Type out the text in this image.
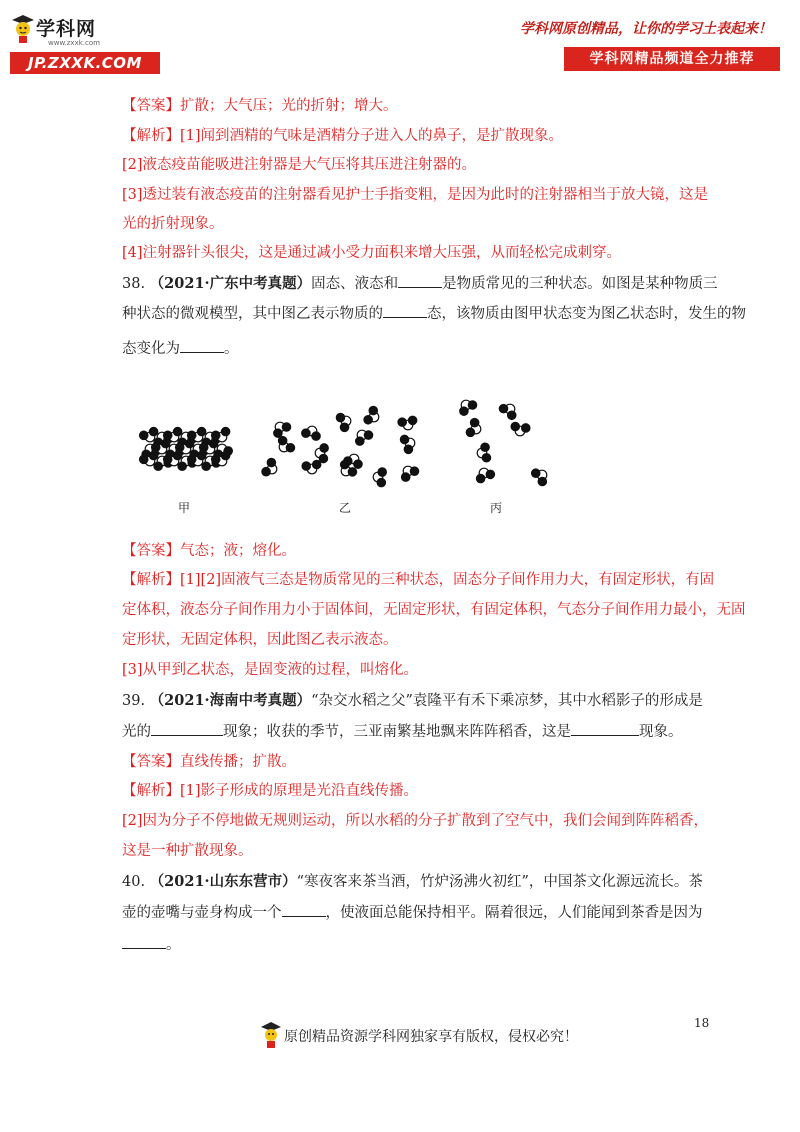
学科网
www.zxxk.com
JP.ZXXK.COM
学科网原创精品，让你的学习土表起来！
学科网精品频道全力推荐
【答案】扩散；大气压；光的折射；增大。
【解析】[1]闻到酒精的气味是酒精分子进入人的鼻子，是扩散现象。
[2]液态疫苗能吸进注射器是大气压将其压进注射器的。
[3]透过装有液态疫苗的注射器看见护士手指变粗，是因为此时的注射器相当于放大镜，这是
光的折射现象。
[4]注射器针头很尖，这是通过减小受力面积来增大压强，从而轻松完成刺穿。
38. （2021·广东中考真题）固态、液态和	是物质常见的三种状态。如图是某种物质三
种状态的微观模型，其中图乙表示物质的	态，该物质由图甲状态变为图乙状态时，发生的物
态变化为	。
甲	乙	丙
【答案】气态；液；熔化。
【解析】[1][2]固液气三态是物质常见的三种状态，固态分子间作用力大，有固定形状，有固
定体积，液态分子间作用力小于固体间，无固定形状，有固定体积，气态分子间作用力最小，无固
定形状，无固定体积，因此图乙表示液态。
[3]从甲到乙状态，是固变液的过程，叫熔化。
39. （2021·海南中考真题）“杂交水稻之父”袁隆平有禾下乘凉梦，其中水稻影子的形成是
光的	现象；收获的季节，三亚南繁基地飘来阵阵稻香，这是	现象。
【答案】直线传播；扩散。
【解析】[1]影子形成的原理是光沿直线传播。
[2]因为分子不停地做无规则运动，所以水稻的分子扩散到了空气中，我们会闻到阵阵稻香，
这是一种扩散现象。
40. （2021·山东东营市）“寒夜客来茶当酒，竹炉汤沸火初红”，中国茶文化源远流长。茶
壶的壶嘴与壶身构成一个	，使液面总能保持相平。隔着很远，人们能闻到茶香是因为
。
18
原创精品资源学科网独家享有版权，侵权必究！
